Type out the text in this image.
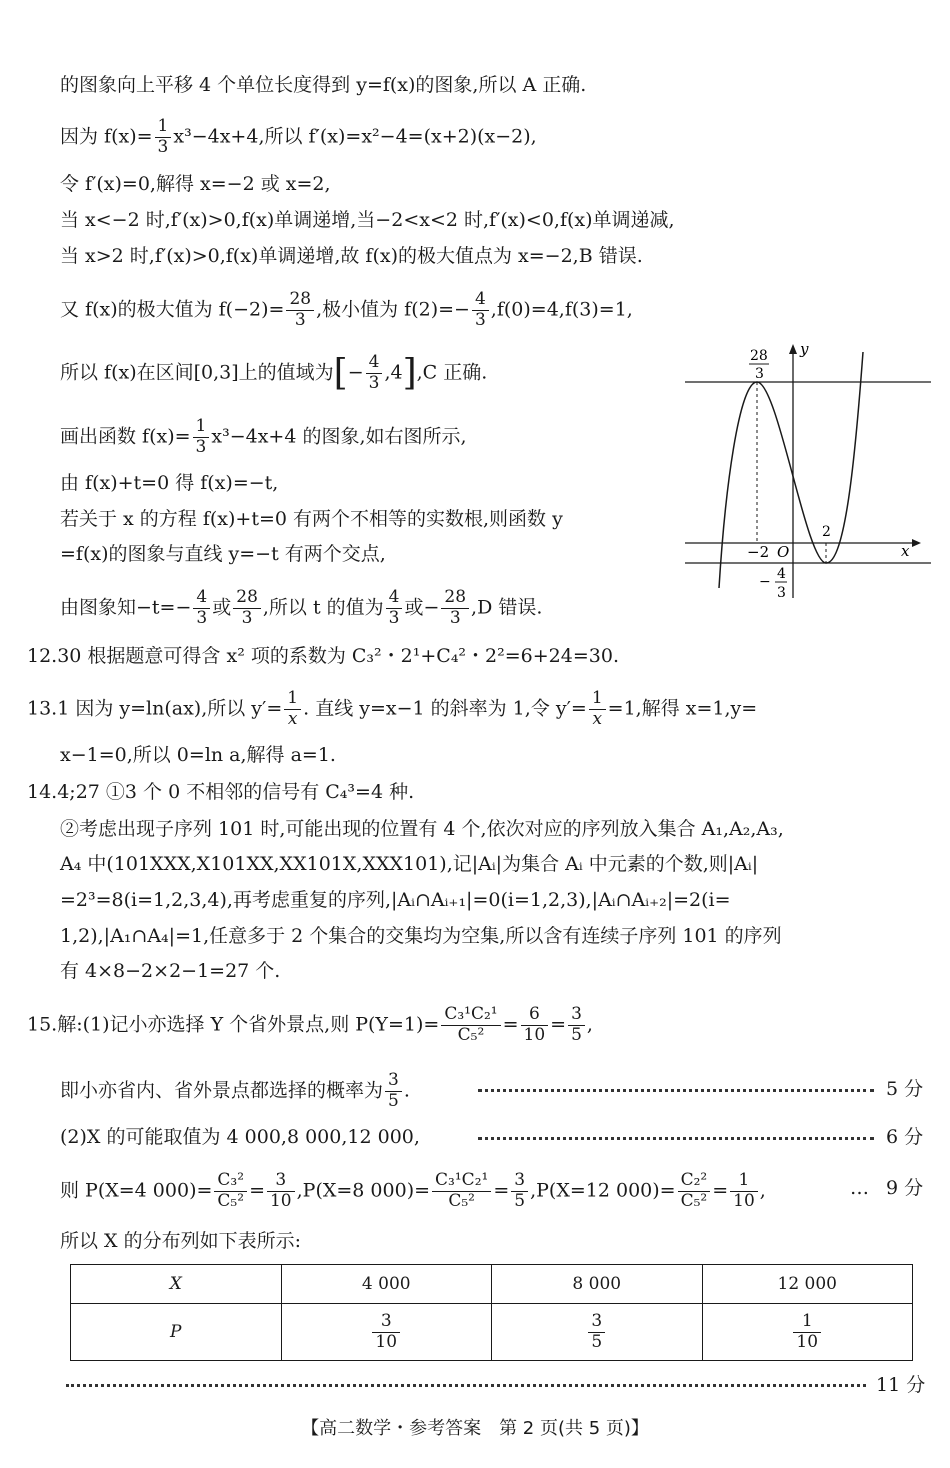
的图象向上平移 4 个单位长度得到 y=f(x)的图象,所以 A 正确.
因为 $f(x)= \frac{1}{3} x^3-4x+4$,所以 f′(x)=x²−4=(x+2)(x−2),
令 f′(x)=0,解得 x=−2 或 x=2,
当 x<−2 时,f′(x)>0,f(x)单调递增,当−2<x<2 时,f′(x)<0,f(x)单调递减,
当 x>2 时,f′(x)>0,f(x)单调递增,故 f(x)的极大值点为 x=−2,B 错误.
又 f(x)的极大值为 $f(-2)= \frac{28}{3}$ ,极小值为 $f(2)=- \frac{4}{3} ,f(0)=4,f(3)=1$,
所以 f(x)在区间[0,3]上的值域为[− $\frac{4}{3} ,4],C$ 正确.
画出函数 $f(x)= \frac{1}{3} x^3-4x+4$ 的图象,如右图所示,
由 f(x)+t=0 得 f(x)=−t,
若关于 x 的方程 f(x)+t=0 有两个不相等的实数根,则函数 y
=f(x)的图象与直线 y=−t 有两个交点,
由图象知$-t=- \frac{4}{3}$ 或 $\frac{28}{3}$ ,所以 t 的值为 $\frac{4}{3}$ 或− $\frac{28}{3} ,D$ 错误.
y
x
O
−2
2
28
3
− 4
3
12.30 根据题意可得含 x² 项的系数为 C₃²・2¹+C₄²・2²=6+24=30.
13.1 因为 y=ln(ax),所以 $y'= \frac{1}{x}$ . 直线 y=x−1 的斜率为 1,令 $y'= \frac{1}{x} =1$,解得 x=1,y=
x−1=0,所以 0=ln a,解得 a=1.
14.4;27 ①3 个 0 不相邻的信号有 C₄³=4 种.
②考虑出现子序列 101 时,可能出现的位置有 4 个,依次对应的序列放入集合 A₁,A₂,A₃,
A₄ 中(101XXX,X101XX,XX101X,XXX101),记|Aᵢ|为集合 Aᵢ 中元素的个数,则|Aᵢ|
=2³=8(i=1,2,3,4),再考虑重复的序列,|Aᵢ∩Aᵢ₊₁|=0(i=1,2,3),|Aᵢ∩Aᵢ₊₂|=2(i=
1,2),|A₁∩A₄|=1,任意多于 2 个集合的交集均为空集,所以含有连续子序列 101 的序列
有 4×8−2×2−1=27 个.
15.解:(1)记小亦选择 Y 个省外景点,则 $P(Y=1)= \frac{\text{C₃¹C₂¹}}{\text{C₅²}} = \frac{6}{10} = \frac{3}{5}$ ,
即小亦省内、省外景点都选择的概率为 $\frac{3}{5}$ .	5 分
(2)X 的可能取值为 4 000,8 000,12 000,	6 分
则 P(X=4 $000)= \frac{\text{C₃²}}{\text{C₅²}} = \frac{3}{10} ,P(X=8$ $000)= \frac{\text{C₃¹C₂¹}}{\text{C₅²}} = \frac{3}{5} ,P(X=12$ $000)= \frac{\text{C₂²}}{\text{C₅²}} = \frac{1}{10}$ ,	… 9 分
所以 X 的分布列如下表所示:
X	4 000	8 000	12 000
P	$\frac{3}{10}$	$\frac{3}{5}$	$\frac{1}{10}$
11 分
【高二数学・参考答案　第 2 页(共 5 页)】
